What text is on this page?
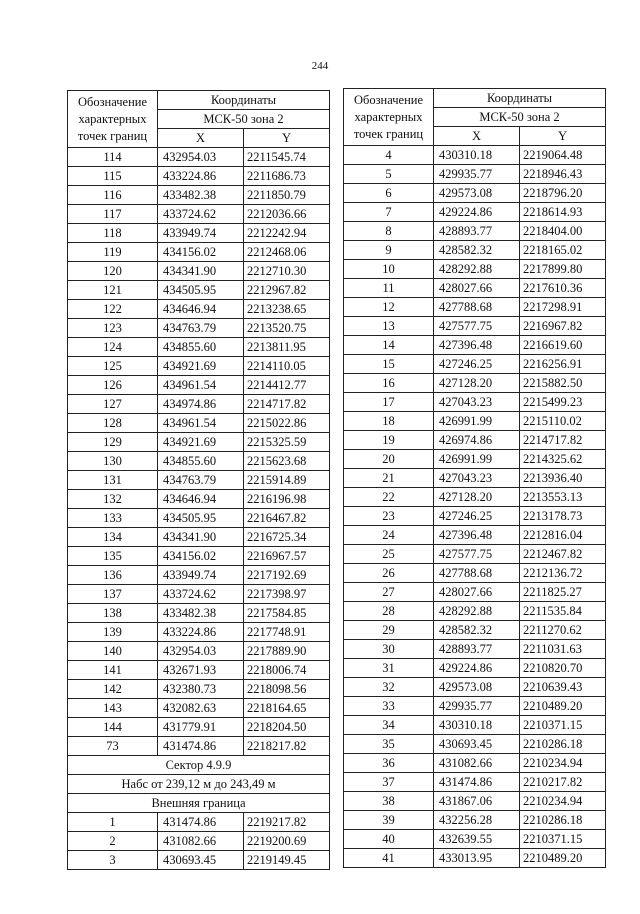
244
Обозначение
характерных
точек границ	Координаты	
	МСК-50 зона 2	
	X	Y
114	432954.03	2211545.74
115	433224.86	2211686.73
116	433482.38	2211850.79
117	433724.62	2212036.66
118	433949.74	2212242.94
119	434156.02	2212468.06
120	434341.90	2212710.30
121	434505.95	2212967.82
122	434646.94	2213238.65
123	434763.79	2213520.75
124	434855.60	2213811.95
125	434921.69	2214110.05
126	434961.54	2214412.77
127	434974.86	2214717.82
128	434961.54	2215022.86
129	434921.69	2215325.59
130	434855.60	2215623.68
131	434763.79	2215914.89
132	434646.94	2216196.98
133	434505.95	2216467.82
134	434341.90	2216725.34
135	434156.02	2216967.57
136	433949.74	2217192.69
137	433724.62	2217398.97
138	433482.38	2217584.85
139	433224.86	2217748.91
140	432954.03	2217889.90
141	432671.93	2218006.74
142	432380.73	2218098.56
143	432082.63	2218164.65
144	431779.91	2218204.50
73	431474.86	2218217.82
Сектор 4.9.9		
Набс от 239,12 м до 243,49 м		
Внешняя граница		
1	431474.86	2219217.82
2	431082.66	2219200.69
3	430693.45	2219149.45
Обозначение
характерных
точек границ	Координаты	
	МСК-50 зона 2	
	X	Y
4	430310.18	2219064.48
5	429935.77	2218946.43
6	429573.08	2218796.20
7	429224.86	2218614.93
8	428893.77	2218404.00
9	428582.32	2218165.02
10	428292.88	2217899.80
11	428027.66	2217610.36
12	427788.68	2217298.91
13	427577.75	2216967.82
14	427396.48	2216619.60
15	427246.25	2216256.91
16	427128.20	2215882.50
17	427043.23	2215499.23
18	426991.99	2215110.02
19	426974.86	2214717.82
20	426991.99	2214325.62
21	427043.23	2213936.40
22	427128.20	2213553.13
23	427246.25	2213178.73
24	427396.48	2212816.04
25	427577.75	2212467.82
26	427788.68	2212136.72
27	428027.66	2211825.27
28	428292.88	2211535.84
29	428582.32	2211270.62
30	428893.77	2211031.63
31	429224.86	2210820.70
32	429573.08	2210639.43
33	429935.77	2210489.20
34	430310.18	2210371.15
35	430693.45	2210286.18
36	431082.66	2210234.94
37	431474.86	2210217.82
38	431867.06	2210234.94
39	432256.28	2210286.18
40	432639.55	2210371.15
41	433013.95	2210489.20
